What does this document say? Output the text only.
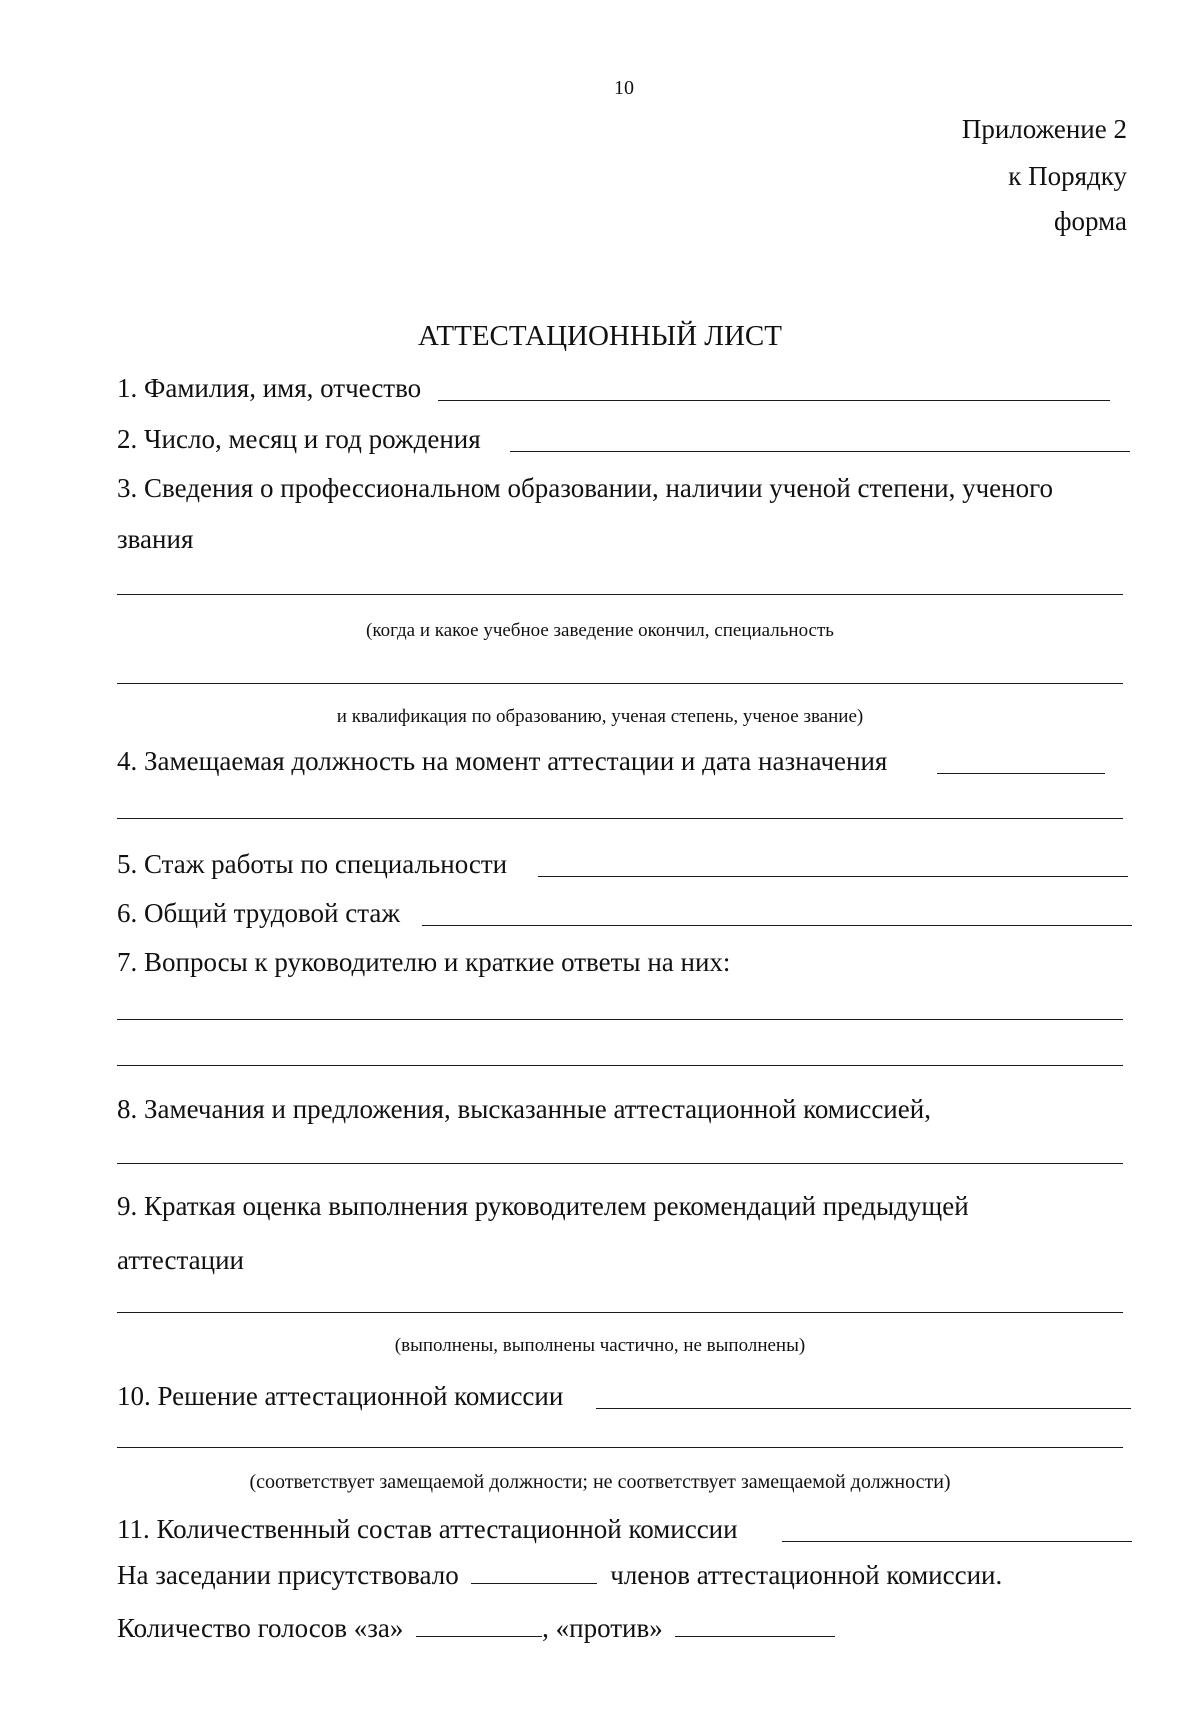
10
Приложение 2
к Порядку
форма
АТТЕСТАЦИОННЫЙ ЛИСТ
1. Фамилия, имя, отчество
2. Число, месяц и год рождения
3. Сведения о профессиональном образовании, наличии ученой степени, ученого
звания
(когда и какое учебное заведение окончил, специальность
и квалификация по образованию, ученая степень, ученое звание)
4. Замещаемая должность на момент аттестации и дата назначения
5. Стаж работы по специальности
6. Общий трудовой стаж
7. Вопросы к руководителю и краткие ответы на них:
8. Замечания и предложения, высказанные аттестационной комиссией,
9. Краткая оценка выполнения руководителем рекомендаций предыдущей
аттестации
(выполнены, выполнены частично, не выполнены)
10. Решение аттестационной комиссии
(соответствует замещаемой должности; не соответствует замещаемой должности)
11. Количественный состав аттестационной комиссии
На заседании присутствовало	членов аттестационной комиссии.
Количество голосов «за»	, «против»
